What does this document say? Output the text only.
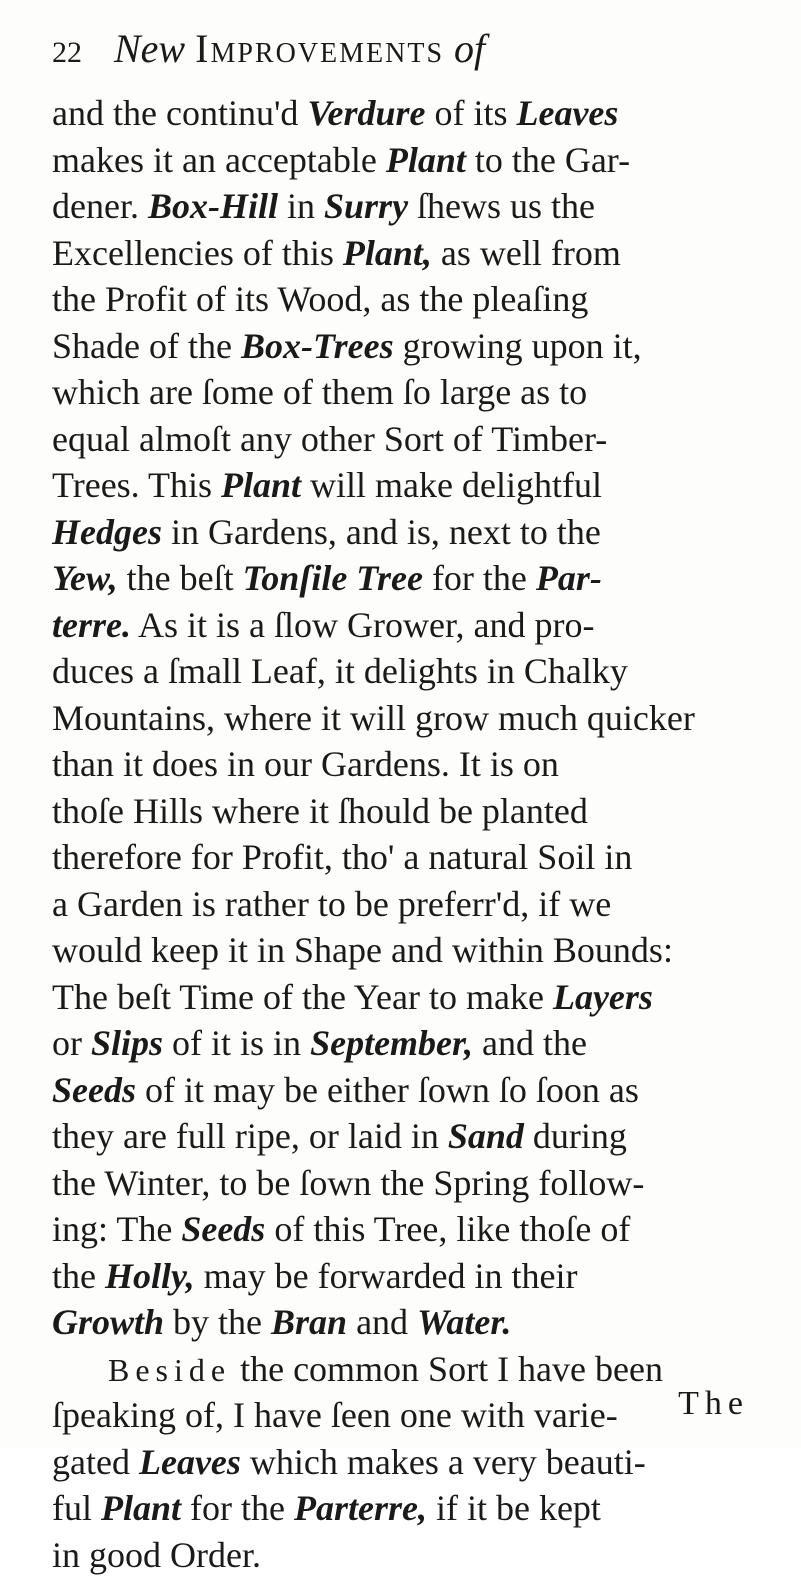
22 New Improvements of
and the continu'd Verdure of its Leaves
makes it an acceptable Plant to the Gar-
dener. Box-Hill in Surry ſhews us the
Excellencies of this Plant, as well from
the Profit of its Wood, as the pleaſing
Shade of the Box-Trees growing upon it,
which are ſome of them ſo large as to
equal almoſt any other Sort of Timber-
Trees. This Plant will make delightful
Hedges in Gardens, and is, next to the
Yew, the beſt Tonſile Tree for the Par-
terre. As it is a ſlow Grower, and pro-
duces a ſmall Leaf, it delights in Chalky
Mountains, where it will grow much quicker
than it does in our Gardens. It is on
thoſe Hills where it ſhould be planted
therefore for Profit, tho' a natural Soil in
a Garden is rather to be preferr'd, if we
would keep it in Shape and within Bounds:
The beſt Time of the Year to make Layers
or Slips of it is in September, and the
Seeds of it may be either ſown ſo ſoon as
they are full ripe, or laid in Sand during
the Winter, to be ſown the Spring follow-
ing: The Seeds of this Tree, like thoſe of
the Holly, may be forwarded in their
Growth by the Bran and Water.
Beside the common Sort I have been
ſpeaking of, I have ſeen one with varie-
gated Leaves which makes a very beauti-
ful Plant for the Parterre, if it be kept
in good Order.
The
